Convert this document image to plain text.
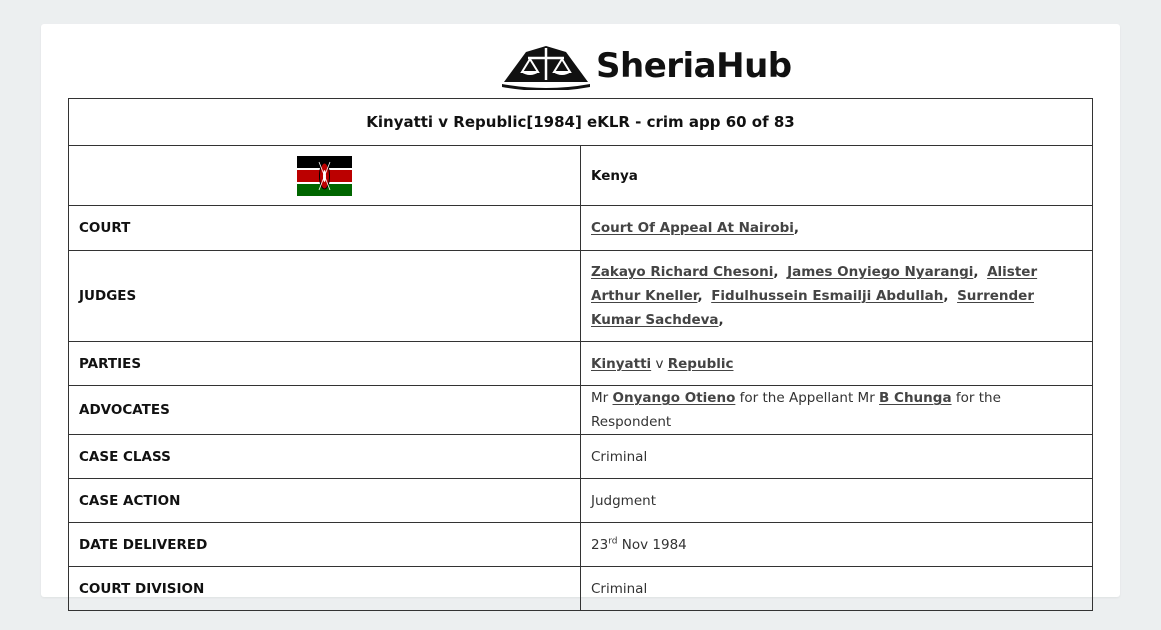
SheriaHub
Kinyatti v Republic[1984] eKLR - crim app 60 of 83	
	Kenya
COURT	Court Of Appeal At Nairobi,
JUDGES	Zakayo Richard Chesoni, James Onyiego Nyarangi, Alister Arthur Kneller, Fidulhussein Esmailji Abdullah, Surrender Kumar Sachdeva,
PARTIES	Kinyatti v Republic
ADVOCATES	Mr Onyango Otieno for the Appellant Mr B Chunga for the Respondent
CASE CLASS	Criminal
CASE ACTION	Judgment
DATE DELIVERED	23rd Nov 1984
COURT DIVISION	Criminal
